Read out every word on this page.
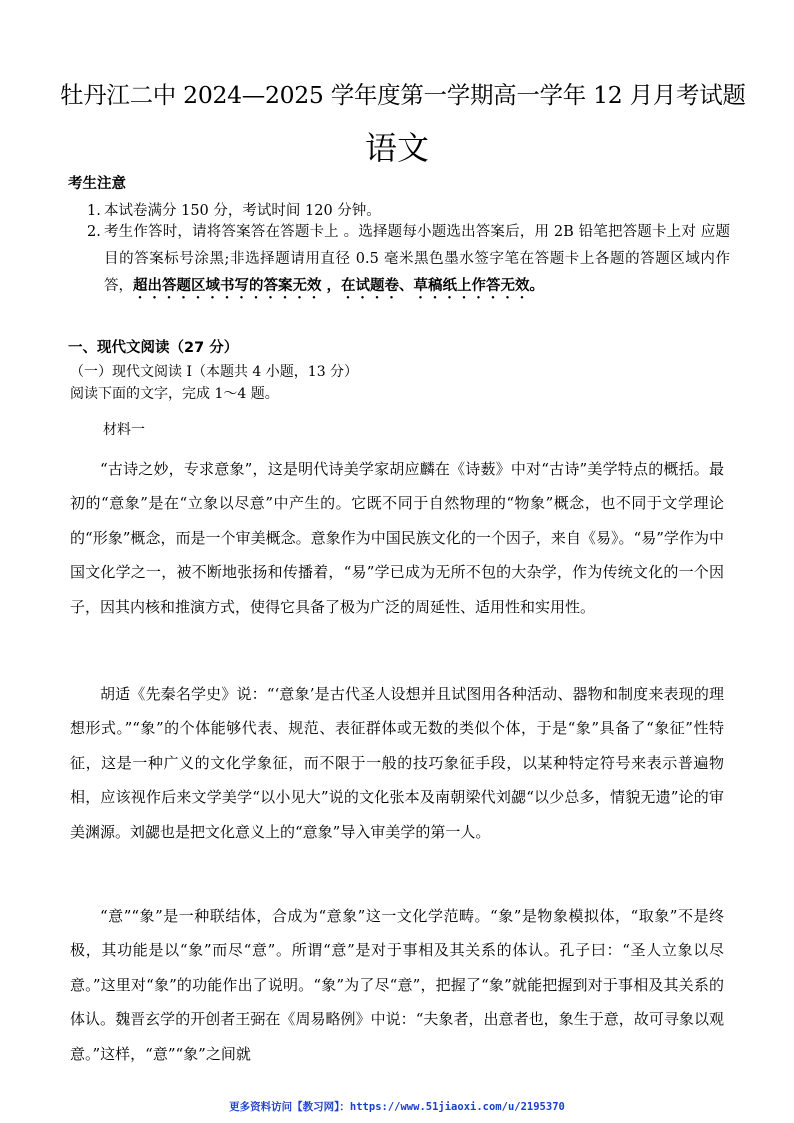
牡丹江二中 2024—2025 学年度第一学期高一学年 12 月月考试题
语文
考生注意
1. 本试卷满分 150 分，考试时间 120 分钟。
2. 考生作答时，请将答案答在答题卡上 。选择题每小题选出答案后，用 2B 铅笔把答题卡上对 应题目的答案标号涂黑;非选择题请用直径 0.5 毫米黑色墨水签字笔在答题卡上各题的答题区域内作答，超出答题区域书写的答案无效 ，在试题卷、草稿纸上作答无效。
一、现代文阅读（27 分）
（一）现代文阅读 I（本题共 4 小题，13 分）
阅读下面的文字，完成 1～4 题。
材料一

“古诗之妙，专求意象”，这是明代诗美学家胡应麟在《诗薮》中对“古诗”美学特点的概括。最初的“意象”是在“立象以尽意”中产生的。它既不同于自然物理的“物象”概念，也不同于文学理论的“形象”概念，而是一个审美概念。意象作为中国民族文化的一个因子，来自《易》。“易”学作为中国文化学之一，被不断地张扬和传播着，“易”学已成为无所不包的大杂学，作为传统文化的一个因子，因其内核和推演方式，使得它具备了极为广泛的周延性、适用性和实用性。

胡适《先秦名学史》说：“‘意象’是古代圣人设想并且试图用各种活动、器物和制度来表现的理想形式。”“象”的个体能够代表、规范、表征群体或无数的类似个体，于是“象”具备了“象征”性特征，这是一种广义的文化学象征，而不限于一般的技巧象征手段，以某种特定符号来表示普遍物相，应该视作后来文学美学“以小见大”说的文化张本及南朝梁代刘勰“以少总多，情貌无遗”论的审美渊源。刘勰也是把文化意义上的“意象”导入审美学的第一人。

“意”“象”是一种联结体，合成为“意象”这一文化学范畴。“象”是物象模拟体，“取象”不是终极，其功能是以“象”而尽“意”。所谓“意”是对于事相及其关系的体认。孔子曰：“圣人立象以尽意。”这里对“象”的功能作出了说明。“象”为了尽“意”，把握了“象”就能把握到对于事相及其关系的体认。魏晋玄学的开创者王弼在《周易略例》中说：“夫象者，出意者也，象生于意，故可寻象以观意。”这样，“意”“象”之间就

更多资料访问【教习网】：https://www.51jiaoxi.com/u/2195370
